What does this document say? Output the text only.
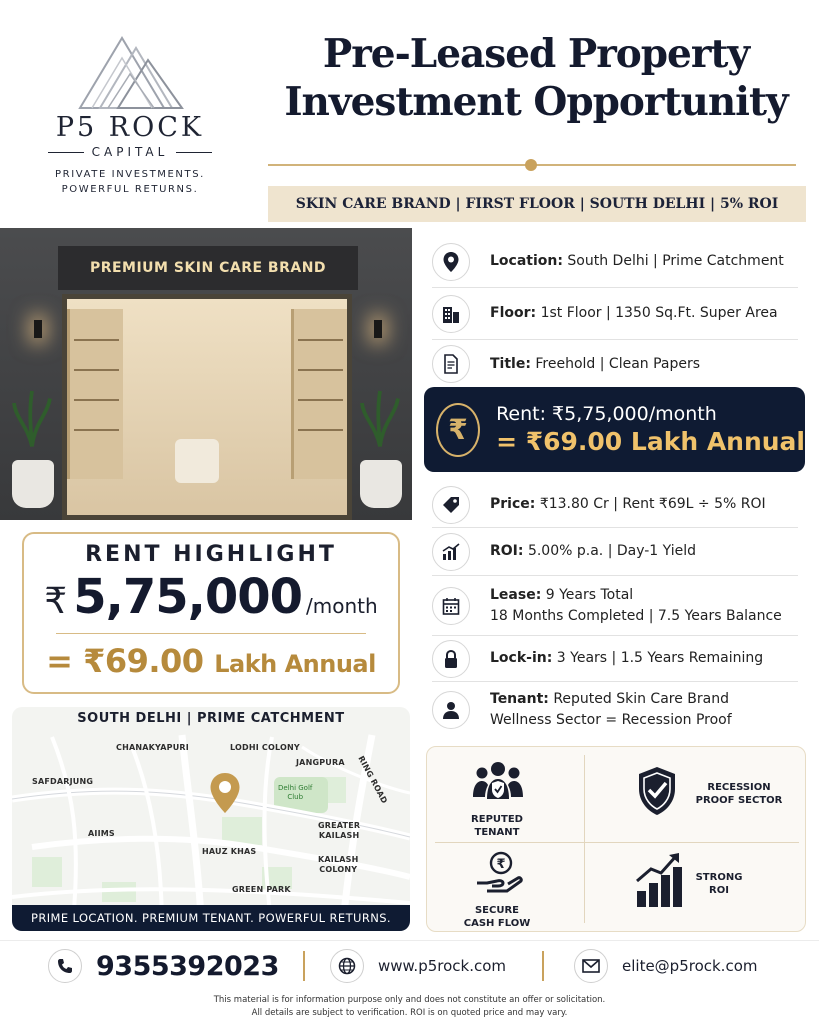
P5 ROCK
CAPITAL
PRIVATE INVESTMENTS.
POWERFUL RETURNS.
Pre-Leased Property
Investment Opportunity
SKIN CARE BRAND | FIRST FLOOR | SOUTH DELHI | 5% ROI
PREMIUM SKIN CARE BRAND	Location: South Delhi | Prime Catchment
Floor: 1st Floor | 1350 Sq.Ft. Super Area
Title: Freehold | Clean Papers
₹	Rent: ₹5,75,000/month
= ₹69.00 Lakh Annual
Price: ₹13.80 Cr | Rent ₹69L ÷ 5% ROI
ROI: 5.00% p.a. | Day-1 Yield
Lease: 9 Years Total
18 Months Completed | 7.5 Years Balance
Lock-in: 3 Years | 1.5 Years Remaining
Tenant: Reputed Skin Care Brand
Wellness Sector = Recession Proof
RENT HIGHLIGHT
₹ 5,75,000 /month
= ₹69.00 Lakh Annual
SOUTH DELHI | PRIME CATCHMENT
CHANAKYAPURI	LODHI COLONY
JANGPURA
SAFDARJUNG	RING ROAD
Delhi Golf
Club
AIIMS
GREATER
KAILASH
HAUZ KHAS
KAILASH
COLONY
GREEN PARK
PRIME LOCATION. PREMIUM TENANT. POWERFUL RETURNS.
REPUTED
TENANT
RECESSION
PROOF SECTOR
₹
SECURE
CASH FLOW
STRONG
ROI
9355392023	www.p5rock.com	elite@p5rock.com
This material is for information purpose only and does not constitute an offer or solicitation.
All details are subject to verification. ROI is on quoted price and may vary.
